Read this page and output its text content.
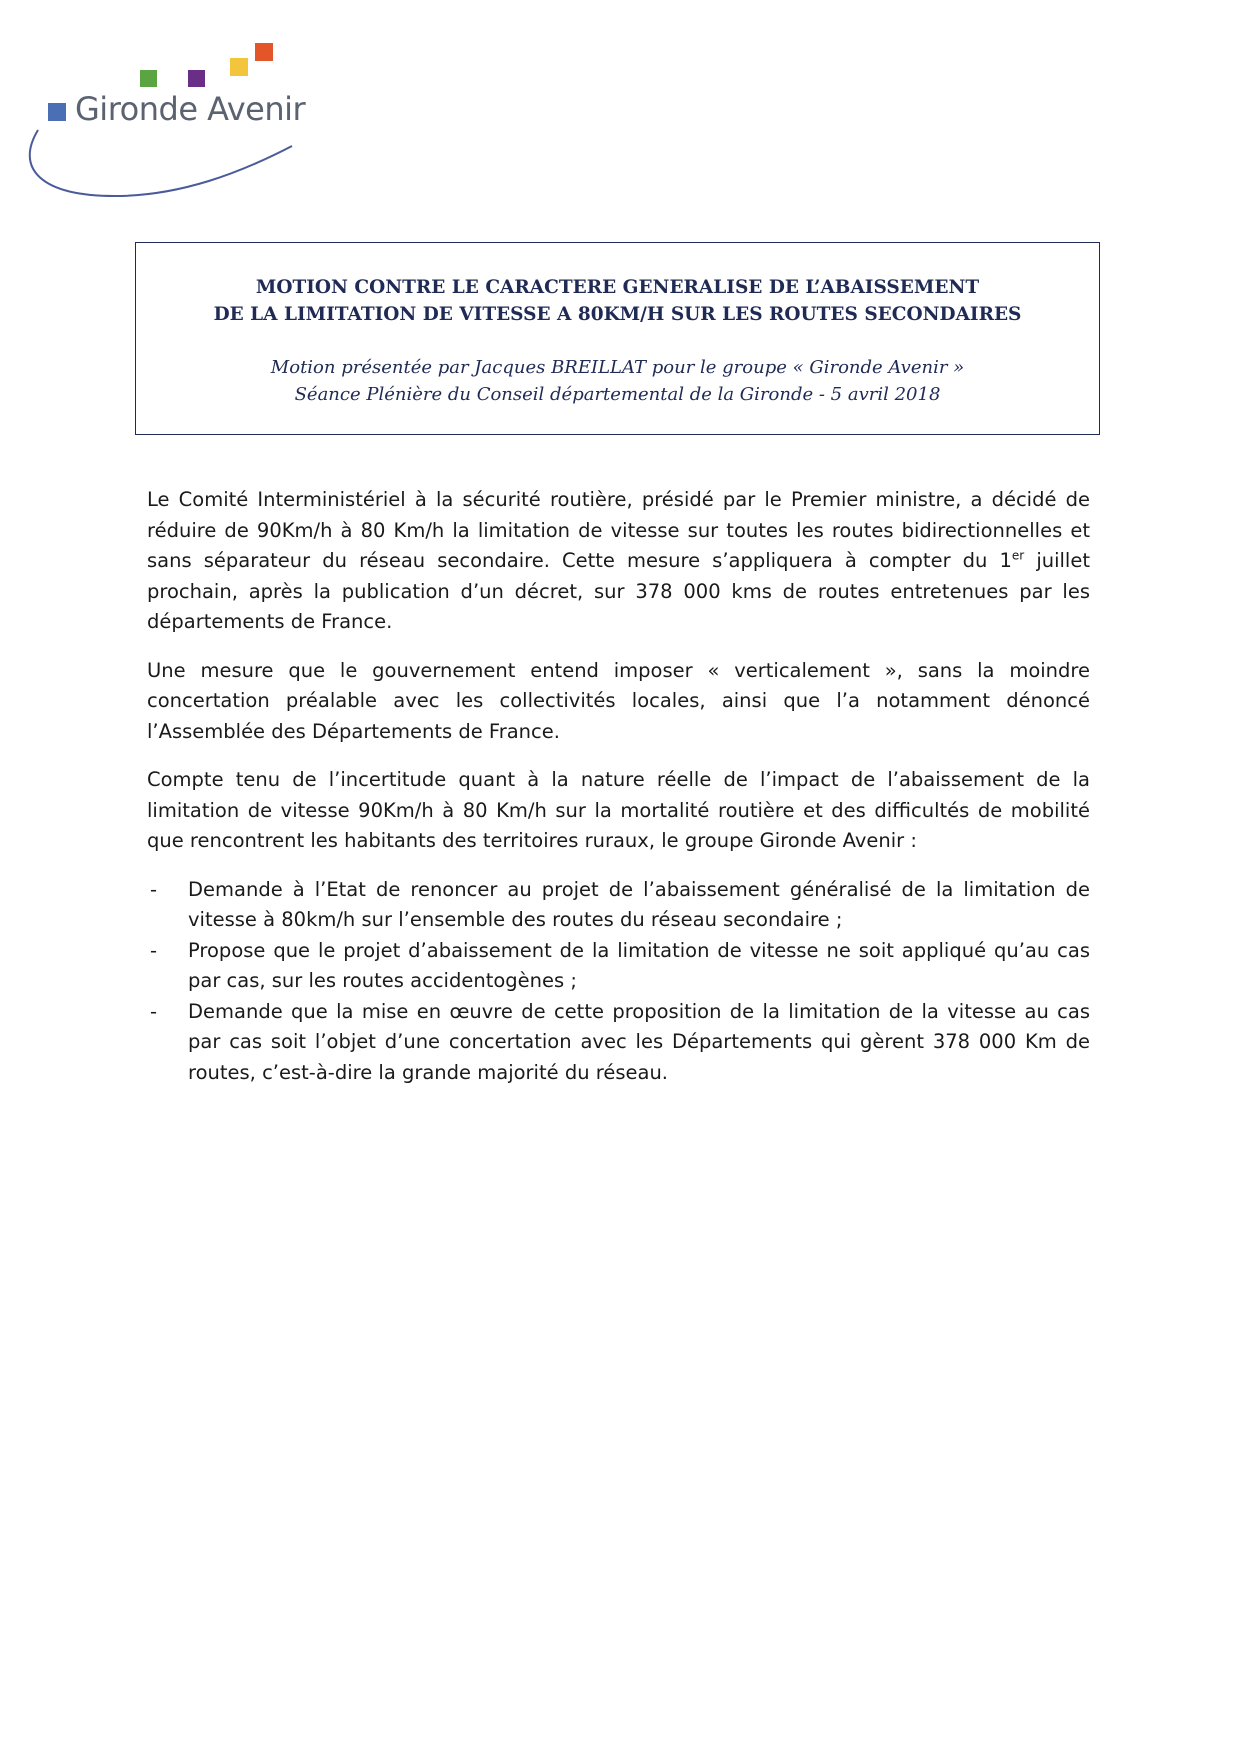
Gironde Avenir
MOTION CONTRE LE CARACTERE GENERALISE DE L’ABAISSEMENT
DE LA LIMITATION DE VITESSE A 80KM/H SUR LES ROUTES SECONDAIRES
Motion présentée par Jacques BREILLAT pour le groupe « Gironde Avenir »
Séance Plénière du Conseil départemental de la Gironde - 5 avril 2018

Le Comité Interministériel à la sécurité routière, présidé par le Premier ministre, a décidé de réduire de 90Km/h à 80 Km/h la limitation de vitesse sur toutes les routes bidirectionnelles et sans séparateur du réseau secondaire. Cette mesure s’appliquera à compter du 1er juillet prochain, après la publication d’un décret, sur 378 000 kms de routes entretenues par les départements de France.

Une mesure que le gouvernement entend imposer « verticalement », sans la moindre concertation préalable avec les collectivités locales, ainsi que l’a notamment dénoncé l’Assemblée des Départements de France.

Compte tenu de l’incertitude quant à la nature réelle de l’impact de l’abaissement de la limitation de vitesse 90Km/h à 80 Km/h sur la mortalité routière et des difficultés de mobilité que rencontrent les habitants des territoires ruraux, le groupe Gironde Avenir :

- Demande à l’Etat de renoncer au projet de l’abaissement généralisé de la limitation de vitesse à 80km/h sur l’ensemble des routes du réseau secondaire ;
- Propose que le projet d’abaissement de la limitation de vitesse ne soit appliqué qu’au cas par cas, sur les routes accidentogènes ;
- Demande que la mise en œuvre de cette proposition de la limitation de la vitesse au cas par cas soit l’objet d’une concertation avec les Départements qui gèrent 378 000 Km de routes, c’est-à-dire la grande majorité du réseau.
